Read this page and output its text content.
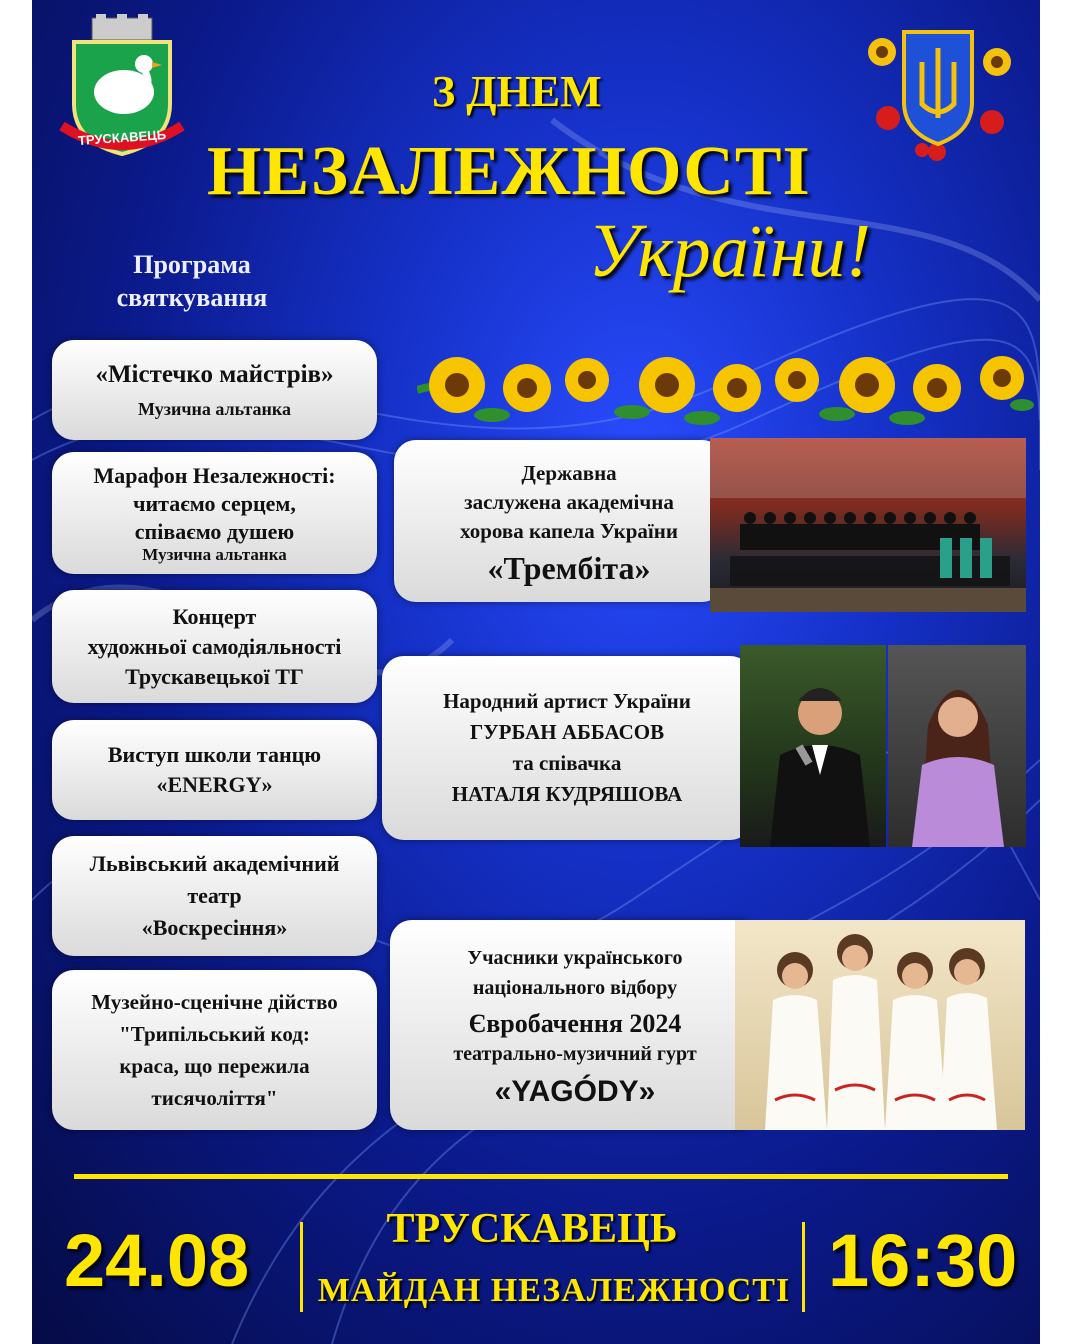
ТРУСКАВЕЦЬ
З ДНЕМ
НЕЗАЛЕЖНОСТІ
України!
Програма
святкування
«Містечко майстрів»
Музична альтанка
Марафон Незалежності:
читаємо серцем,
співаємо душею
Музична альтанка
Концерт
художньої самодіяльності
Трускавецької ТГ
Виступ школи танцю
«ENERGY»
Львівський академічний
театр
«Воскресіння»
Музейно-сценічне дійство
"Трипільський код:
краса, що пережила
тисячоліття"
Державна
заслужена академічна
хорова капела України
«Трембіта»
Народний артист України
ГУРБАН АББАСОВ
та співачка
НАТАЛЯ КУДРЯШОВА
Учасники українського
національного відбору
Євробачення 2024
театрально-музичний гурт
«YAGÓDY»
24.08	ТРУСКАВЕЦЬ
МАЙДАН НЕЗАЛЕЖНОСТІ 16:30
